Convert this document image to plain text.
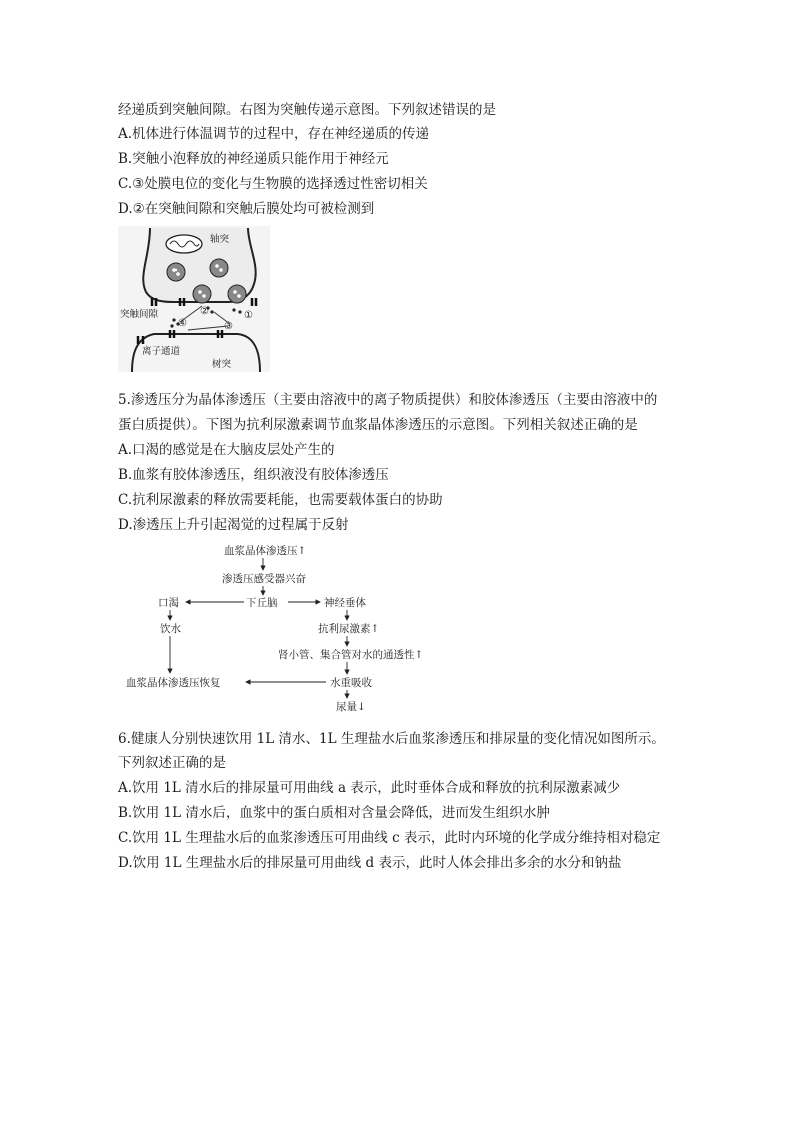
经递质到突触间隙。右图为突触传递示意图。下列叙述错误的是
A.机体进行体温调节的过程中，存在神经递质的传递
B.突触小泡释放的神经递质只能作用于神经元
C.③处膜电位的变化与生物膜的选择透过性密切相关
D.②在突触间隙和突触后膜处均可被检测到
轴突
突触间隙
离子通道
树突
①
②
③
④
5.渗透压分为晶体渗透压（主要由溶液中的离子物质提供）和胶体渗透压（主要由溶液中的
蛋白质提供）。下图为抗利尿激素调节血浆晶体渗透压的示意图。下列相关叙述正确的是
A.口渴的感觉是在大脑皮层处产生的
B.血浆有胶体渗透压，组织液没有胶体渗透压
C.抗利尿激素的释放需要耗能，也需要载体蛋白的协助
D.渗透压上升引起渴觉的过程属于反射
血浆晶体渗透压↑
渗透压感受器兴奋
下丘脑
口渴	神经垂体
饮水	抗利尿激素↑
肾小管、集合管对水的通透性↑
血浆晶体渗透压恢复	水重吸收
尿量↓
6.健康人分别快速饮用 1L 清水、1L 生理盐水后血浆渗透压和排尿量的变化情况如图所示。
下列叙述正确的是
A.饮用 1L 清水后的排尿量可用曲线 a 表示，此时垂体合成和释放的抗利尿激素减少
B.饮用 1L 清水后，血浆中的蛋白质相对含量会降低，进而发生组织水肿
C.饮用 1L 生理盐水后的血浆渗透压可用曲线 c 表示，此时内环境的化学成分维持相对稳定
D.饮用 1L 生理盐水后的排尿量可用曲线 d 表示，此时人体会排出多余的水分和钠盐
